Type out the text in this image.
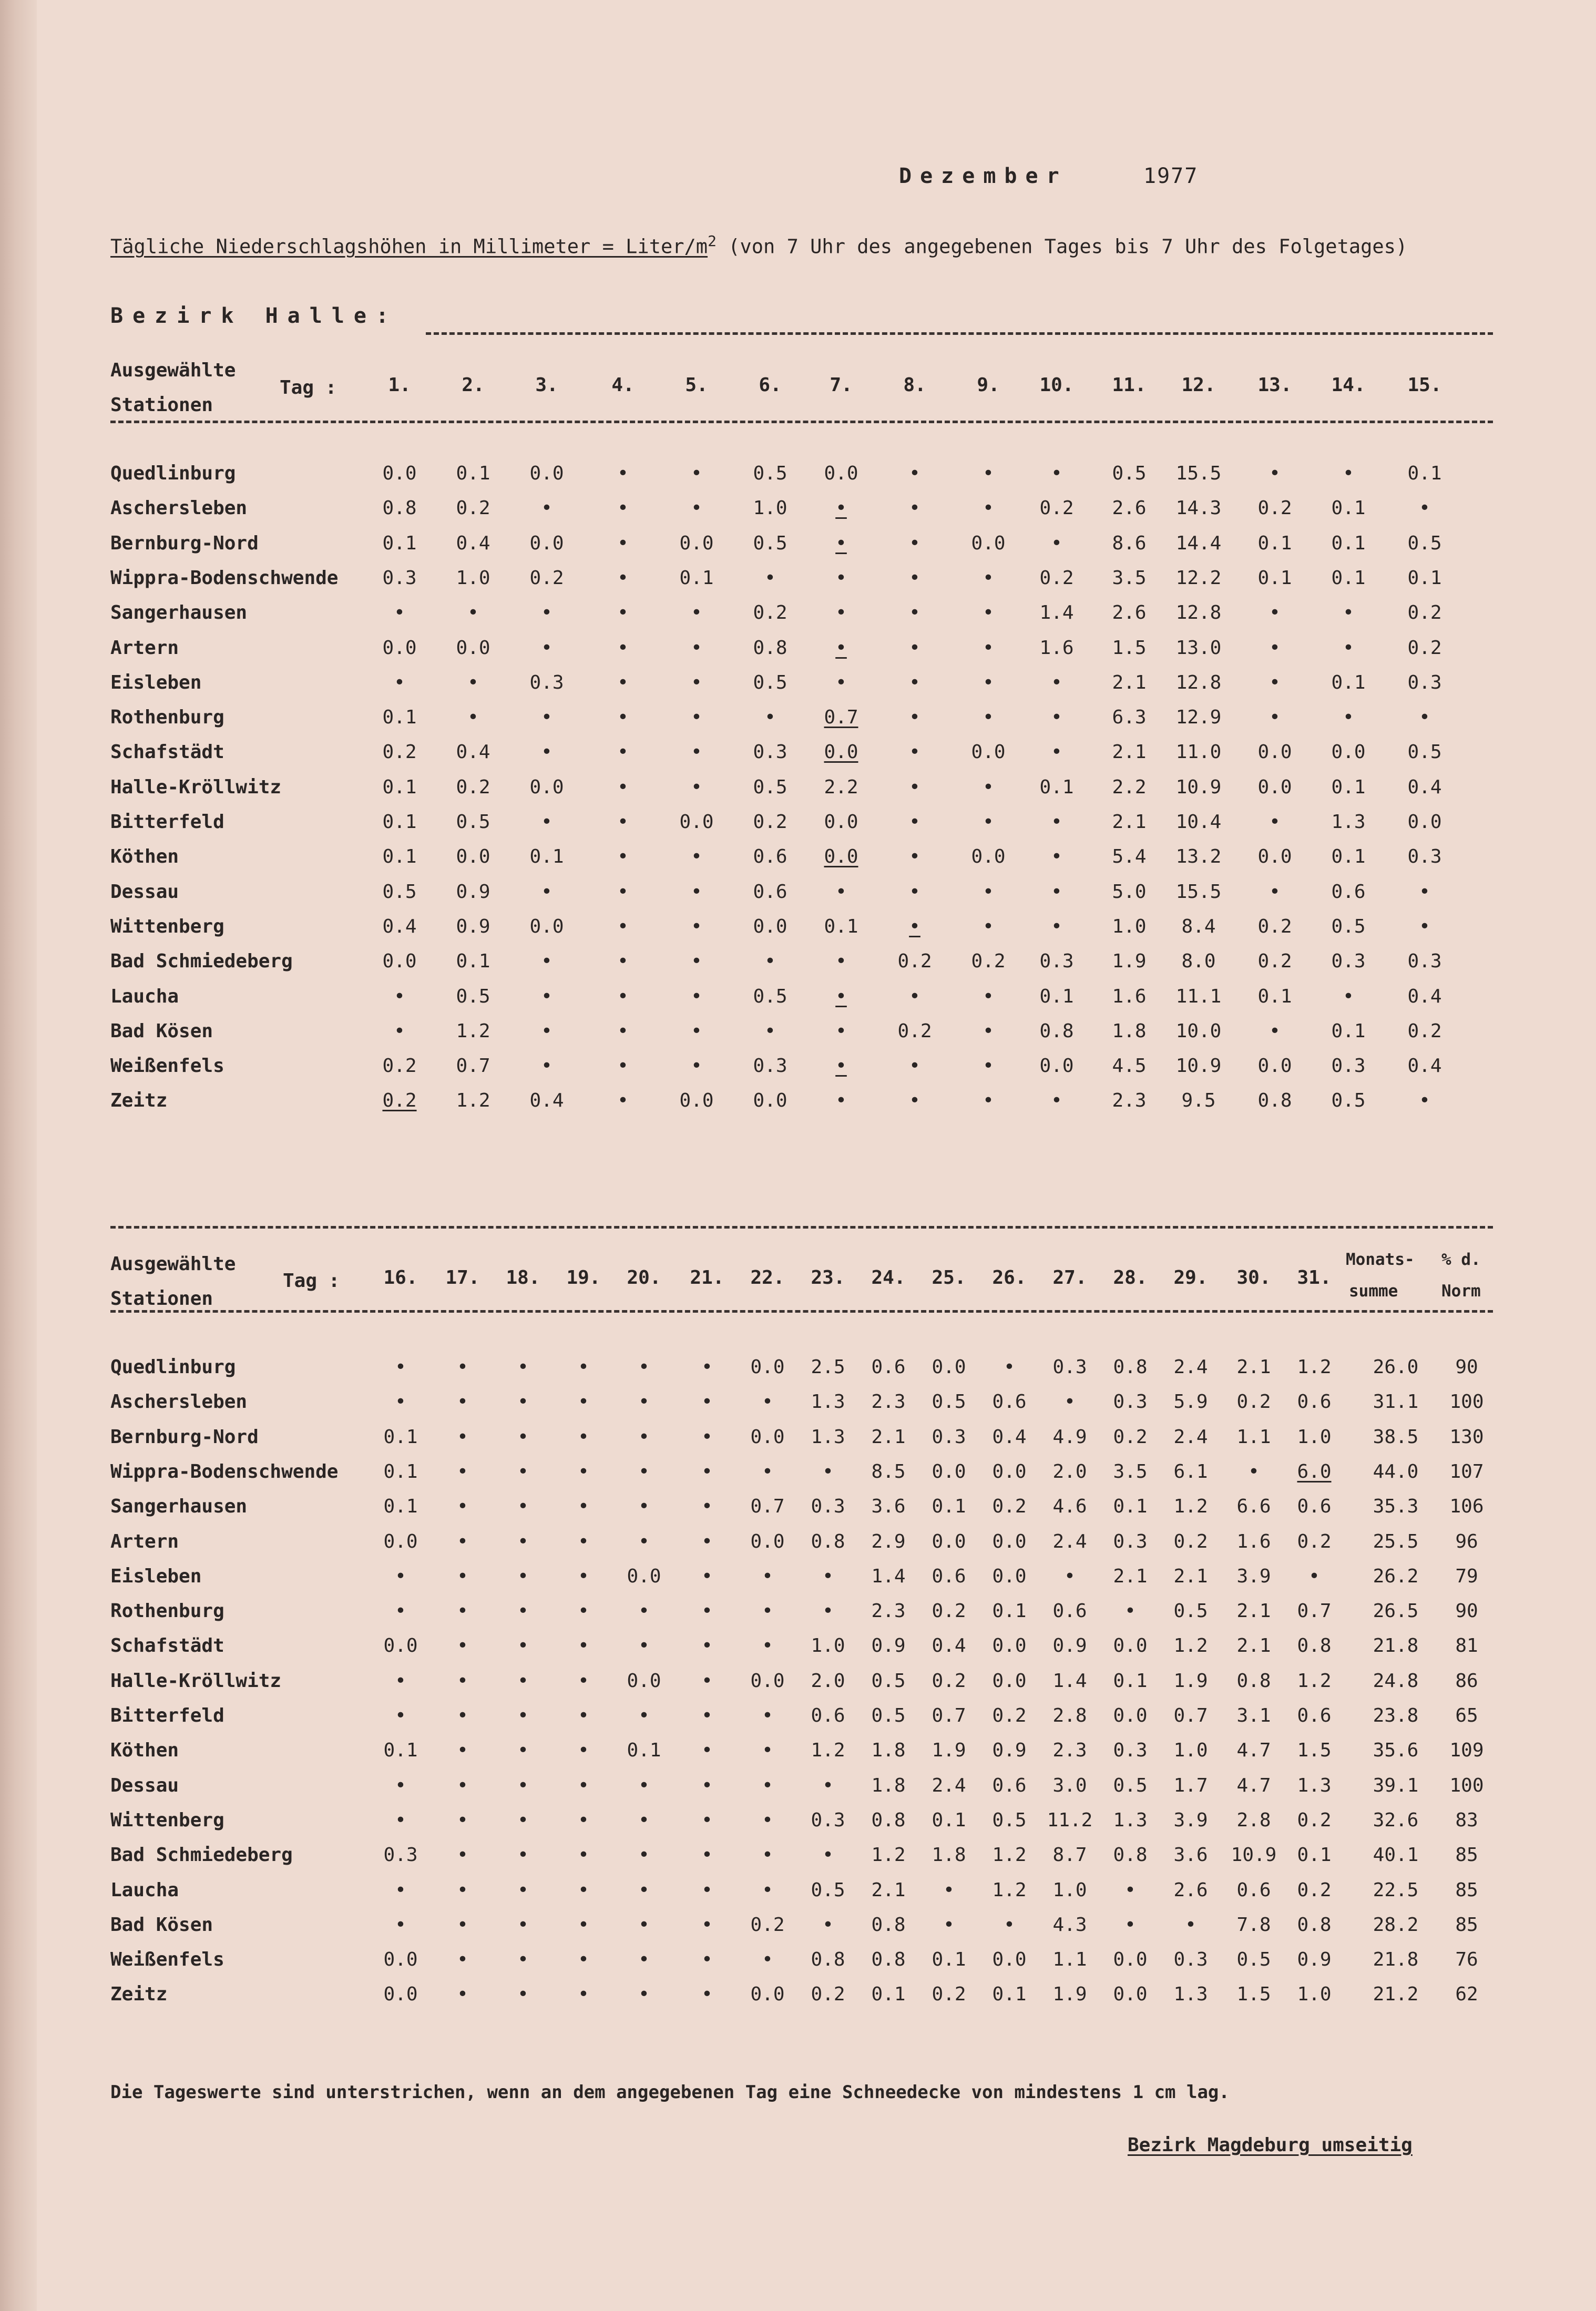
Dezember	1977
Tägliche Niederschlagshöhen in Millimeter = Liter/$m^2$ (von 7 Uhr des angegebenen Tages bis 7 Uhr des Folgetages)
Bezirk Halle:
Ausgewählte
Stationen
Tag :	1.	2.	3.	4.	5.	6.	7.	8.	9. 10. 11. 12. 13. 14. 15.
Quedlinburg	0.0 0.1 0.0	•	•	0.5 0.0	•	•	•	0.5 15.5	•	•	0.1
Aschersleben	0.8 0.2	•	•	•	1.0	•	•	• 0.2 2.6 14.3 0.2 0.1	•
Bernburg-Nord	0.1 0.4 0.0	•	0.0 0.5	•	•	0.0 •	8.6 14.4 0.1 0.1 0.5
Wippra-Bodenschwende 0.3 1.0 0.2	•	0.1	•	•	•	• 0.2 3.5 12.2 0.1 0.1 0.1
Sangerhausen	•	•	•	•	•	0.2	•	•	• 1.4 2.6 12.8	•	•	0.2
Artern	0.0 0.0	•	•	•	0.8	•	•	• 1.6 1.5 13.0	•	•	0.2
Eisleben	•	•	0.3	•	•	0.5	•	•	•	•	2.1 12.8	•	0.1 0.3
Rothenburg	0.1	•	•	•	•	•	0.7	•	•	•	6.3 12.9	•	•	•
Schafstädt	0.2 0.4	•	•	•	0.3 0.0	•	0.0 •	2.1 11.0 0.0 0.0 0.5
Halle-Kröllwitz	0.1 0.2 0.0	•	•	0.5 2.2	•	• 0.1 2.2 10.9 0.0 0.1 0.4
Bitterfeld	0.1 0.5	•	•	0.0 0.2 0.0	•	•	•	2.1 10.4	•	1.3 0.0
Köthen	0.1 0.0 0.1	•	•	0.6 0.0	•	0.0 •	5.4 13.2 0.0 0.1 0.3
Dessau	0.5 0.9	•	•	•	0.6	•	•	•	•	5.0 15.5	•	0.6	•
Wittenberg	0.4 0.9 0.0	•	•	0.0 0.1	•	•	•	1.0 8.4 0.2 0.5	•
Bad Schmiedeberg	0.0 0.1	•	•	•	•	•	0.2 0.2 0.3 1.9 8.0 0.2 0.3 0.3
Laucha	•	0.5	•	•	•	0.5	•	•	• 0.1 1.6 11.1 0.1	•	0.4
Bad Kösen	•	1.2	•	•	•	•	•	0.2	• 0.8 1.8 10.0	•	0.1 0.2
Weißenfels	0.2 0.7	•	•	•	0.3	•	•	• 0.0 4.5 10.9 0.0 0.3 0.4
Zeitz	0.2 1.2 0.4	•	0.0 0.0	•	•	•	•	2.3 9.5 0.8 0.5	•
Ausgewählte
Stationen
Tag : 16. 17. 18. 19. 20. 21. 22. 23. 24. 25. 26. 27. 28. 29. 30. 31.
Monats-
summe
% d.
Norm
Quedlinburg	•	•	•	•	•	• 0.0 2.5 0.6 0.0 • 0.3 0.8 2.4 2.1 1.2 26.0 90
Aschersleben	•	•	•	•	•	•	• 1.3 2.3 0.5 0.6 • 0.3 5.9 0.2 0.6 31.1 100
Bernburg-Nord	0.1 •	•	•	•	• 0.0 1.3 2.1 0.3 0.4 4.9 0.2 2.4 1.1 1.0 38.5 130
Wippra-Bodenschwende 0.1 •	•	•	•	•	•	• 8.5 0.0 0.0 2.0 3.5 6.1 • 6.0 44.0 107
Sangerhausen	0.1 •	•	•	•	• 0.7 0.3 3.6 0.1 0.2 4.6 0.1 1.2 6.6 0.6 35.3 106
Artern	0.0 •	•	•	•	• 0.0 0.8 2.9 0.0 0.0 2.4 0.3 0.2 1.6 0.2 25.5 96
Eisleben	•	•	•	• 0.0 •	•	• 1.4 0.6 0.0 • 2.1 2.1 3.9 •	26.2 79
Rothenburg	•	•	•	•	•	•	•	• 2.3 0.2 0.1 0.6 • 0.5 2.1 0.7 26.5 90
Schafstädt	0.0 •	•	•	•	•	• 1.0 0.9 0.4 0.0 0.9 0.0 1.2 2.1 0.8 21.8 81
Halle-Kröllwitz	•	•	•	• 0.0 • 0.0 2.0 0.5 0.2 0.0 1.4 0.1 1.9 0.8 1.2 24.8 86
Bitterfeld	•	•	•	•	•	•	• 0.6 0.5 0.7 0.2 2.8 0.0 0.7 3.1 0.6 23.8 65
Köthen	0.1 •	•	• 0.1 •	• 1.2 1.8 1.9 0.9 2.3 0.3 1.0 4.7 1.5 35.6 109
Dessau	•	•	•	•	•	•	•	• 1.8 2.4 0.6 3.0 0.5 1.7 4.7 1.3 39.1 100
Wittenberg	•	•	•	•	•	•	• 0.3 0.8 0.1 0.5 11.2 1.3 3.9 2.8 0.2 32.6 83
Bad Schmiedeberg	0.3 •	•	•	•	•	•	• 1.2 1.8 1.2 8.7 0.8 3.6 10.9 0.1 40.1 85
Laucha	•	•	•	•	•	•	• 0.5 2.1 • 1.2 1.0 • 2.6 0.6 0.2 22.5 85
Bad Kösen	•	•	•	•	•	• 0.2 • 0.8 •	• 4.3 •	• 7.8 0.8 28.2 85
Weißenfels	0.0 •	•	•	•	•	• 0.8 0.8 0.1 0.0 1.1 0.0 0.3 0.5 0.9 21.8 76
Zeitz	0.0 •	•	•	•	• 0.0 0.2 0.1 0.2 0.1 1.9 0.0 1.3 1.5 1.0 21.2 62
Die Tageswerte sind unterstrichen, wenn an dem angegebenen Tag eine Schneedecke von mindestens 1 cm lag.
Bezirk Magdeburg umseitig
